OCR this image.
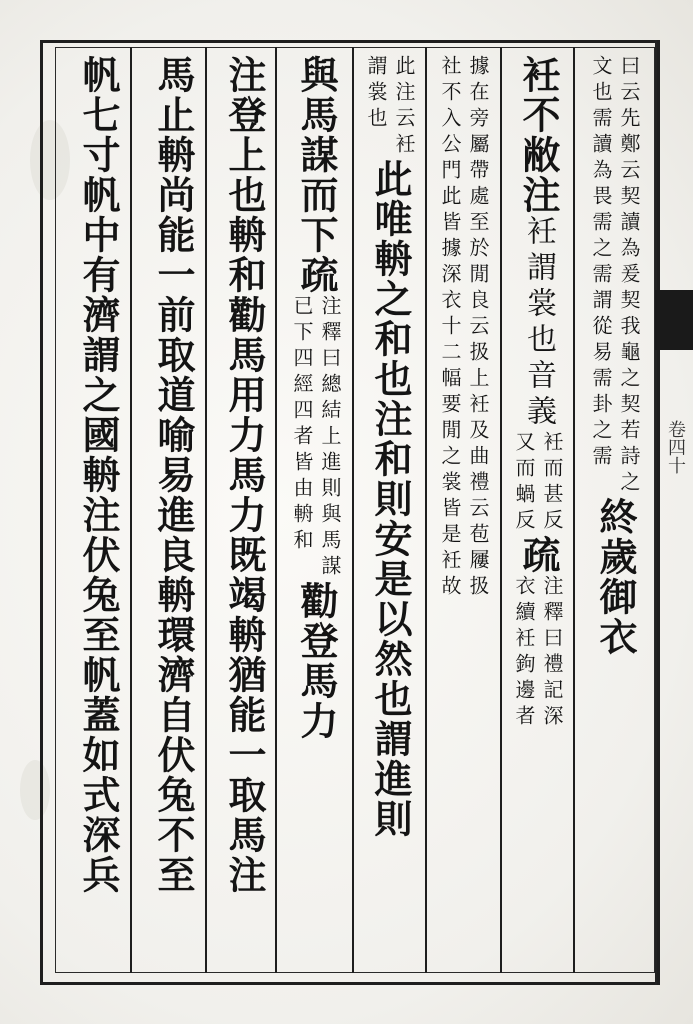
卷四十
帆七寸帆中有濟謂之國輈注伏兔至帆蓋如式深兵 馬止輈尚能一前取道喻易進良輈環濟自伏兔不至 注登上也輈和勸馬用力馬力既竭輈猶能一取馬注 與馬謀而下疏
注釋曰總結上進則與馬謀
已下四經四者皆由輈和
勸登馬力
此注云衽
謂裳也
此唯輈之和也注和則安是以然也謂進則	據在旁屬帶處至於閒良云扱上衽及曲禮云苞屨扱
社不入公門此皆據深衣十二幅要閒之裳皆是衽故 衽不敝注
衽謂裳也音義
衽而甚反
又而蝸反
疏
注釋曰禮記深
衣續衽鉤邊者
曰云先鄭云契讀為爰契我龜之契若詩之
文也需讀為畏需之需謂從易需卦之需
終歲御衣
